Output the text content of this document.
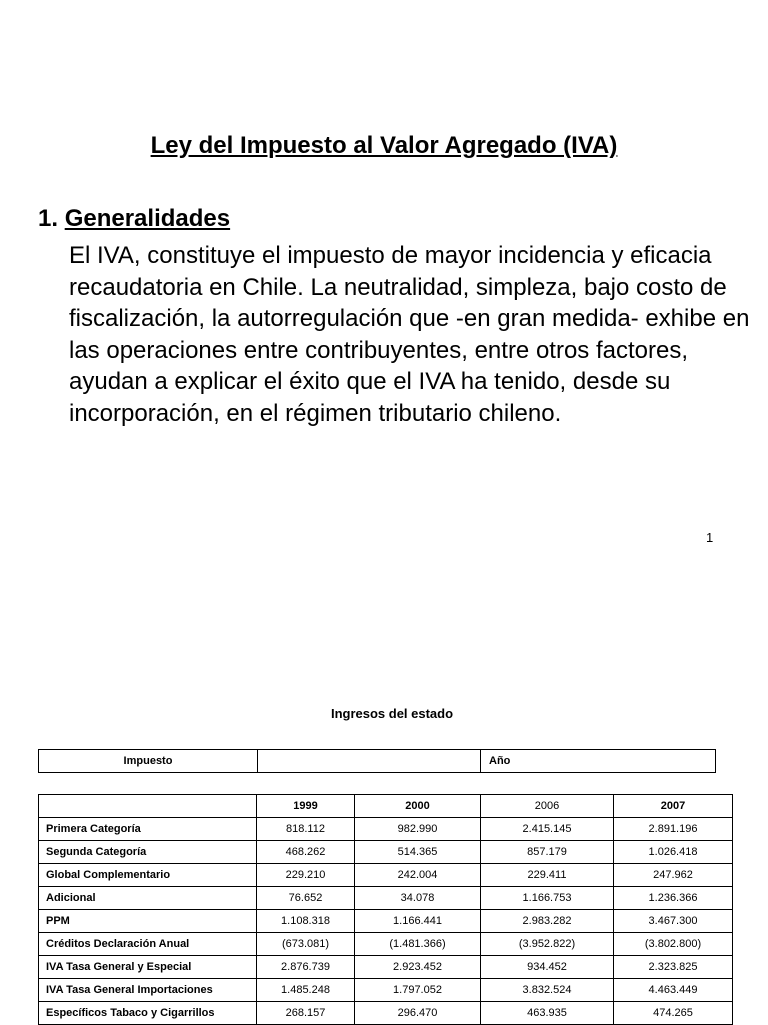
Ley del Impuesto al Valor Agregado (IVA)
1. Generalidades

El IVA, constituye el impuesto de mayor incidencia y eficacia recaudatoria en Chile. La neutralidad, simpleza, bajo costo de fiscalización, la autorregulación que -en gran medida- exhibe en las operaciones entre contribuyentes, entre otros factores, ayudan a explicar el éxito que el IVA ha tenido, desde su incorporación, en el régimen tributario chileno.

1
Ingresos del estado
Impuesto		Año
	1999	2000	2006	2007
Primera Categoría	818.112	982.990	2.415.145	2.891.196
Segunda Categoría	468.262	514.365	857.179	1.026.418
Global Complementario	229.210	242.004	229.411	247.962
Adicional	76.652	34.078	1.166.753	1.236.366
PPM	1.108.318	1.166.441	2.983.282	3.467.300
Créditos Declaración Anual	(673.081)	(1.481.366)	(3.952.822)	(3.802.800)
IVA Tasa General y Especial	2.876.739	2.923.452	934.452	2.323.825
IVA Tasa General Importaciones	1.485.248	1.797.052	3.832.524	4.463.449
Específicos Tabaco y Cigarrillos	268.157	296.470	463.935	474.265
